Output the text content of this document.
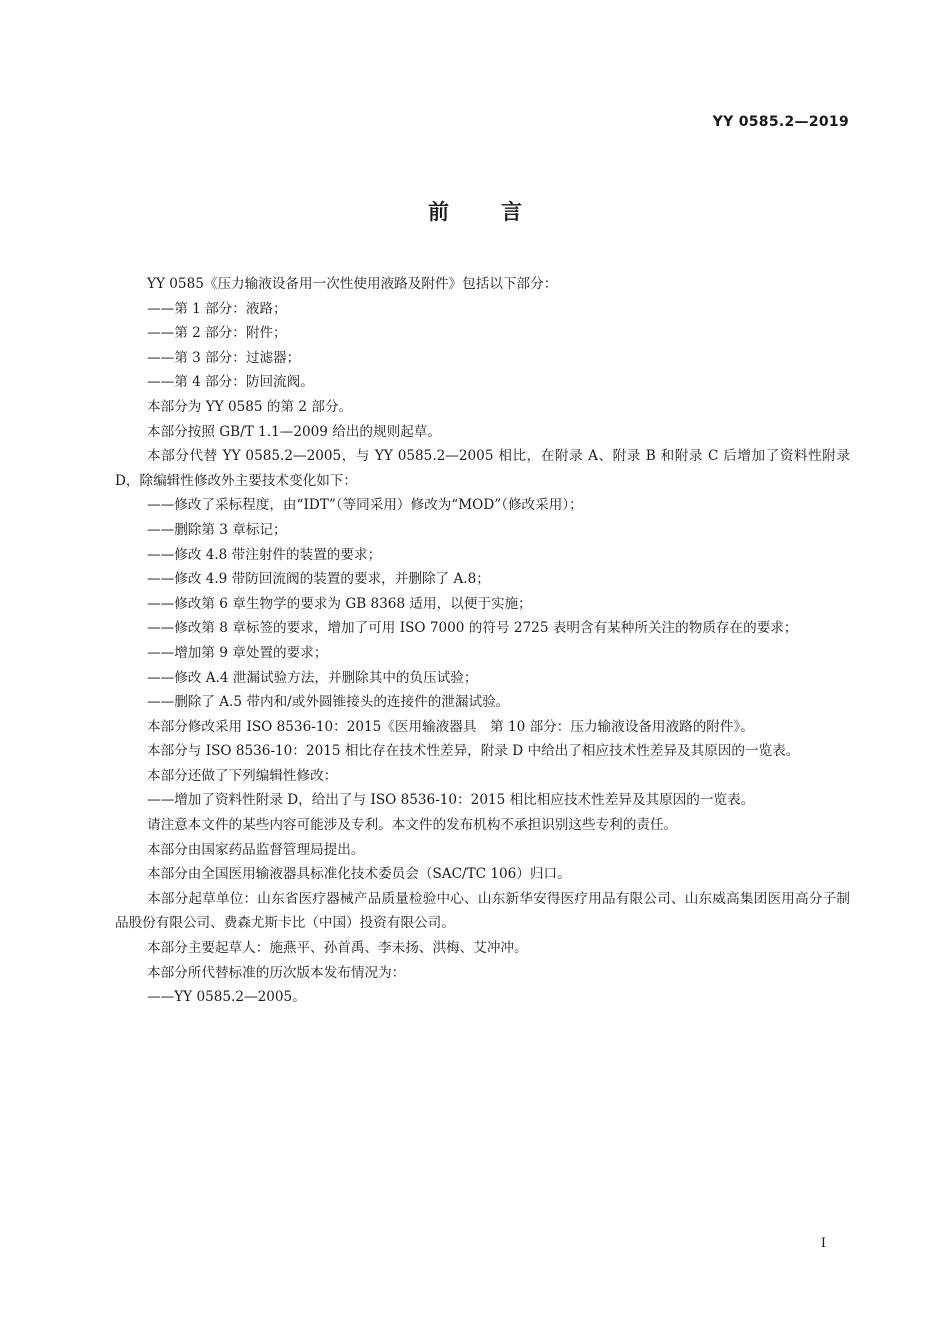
YY 0585.2—2019
前言

YY 0585《压力输液设备用一次性使用液路及附件》包括以下部分：

——第 1 部分：液路；

——第 2 部分：附件；

——第 3 部分：过滤器；

——第 4 部分：防回流阀。

本部分为 YY 0585 的第 2 部分。

本部分按照 GB/T 1.1—2009 给出的规则起草。

本部分代替 YY 0585.2—2005，与 YY 0585.2—2005 相比，在附录 A、附录 B 和附录 C 后增加了资料性附录 D，除编辑性修改外主要技术变化如下：

——修改了采标程度，由“IDT”（等同采用）修改为“MOD”（修改采用）；

——删除第 3 章标记；

——修改 4.8 带注射件的装置的要求；

——修改 4.9 带防回流阀的装置的要求，并删除了 A.8；

——修改第 6 章生物学的要求为 GB 8368 适用，以便于实施；

——修改第 8 章标签的要求，增加了可用 ISO 7000 的符号 2725 表明含有某种所关注的物质存在的要求；

——增加第 9 章处置的要求；

——修改 A.4 泄漏试验方法，并删除其中的负压试验；

——删除了 A.5 带内和/或外圆锥接头的连接件的泄漏试验。

本部分修改采用 ISO 8536-10：2015《医用输液器具　第 10 部分：压力输液设备用液路的附件》。

本部分与 ISO 8536-10：2015 相比存在技术性差异，附录 D 中给出了相应技术性差异及其原因的一览表。

本部分还做了下列编辑性修改：

——增加了资料性附录 D，给出了与 ISO 8536-10：2015 相比相应技术性差异及其原因的一览表。

请注意本文件的某些内容可能涉及专利。本文件的发布机构不承担识别这些专利的责任。

本部分由国家药品监督管理局提出。

本部分由全国医用输液器具标准化技术委员会（SAC/TC 106）归口。

本部分起草单位：山东省医疗器械产品质量检验中心、山东新华安得医疗用品有限公司、山东威高集团医用高分子制品股份有限公司、费森尤斯卡比（中国）投资有限公司。

本部分主要起草人：施燕平、孙首禹、李未扬、洪梅、艾冲冲。

本部分所代替标准的历次版本发布情况为：

——YY 0585.2—2005。

I
